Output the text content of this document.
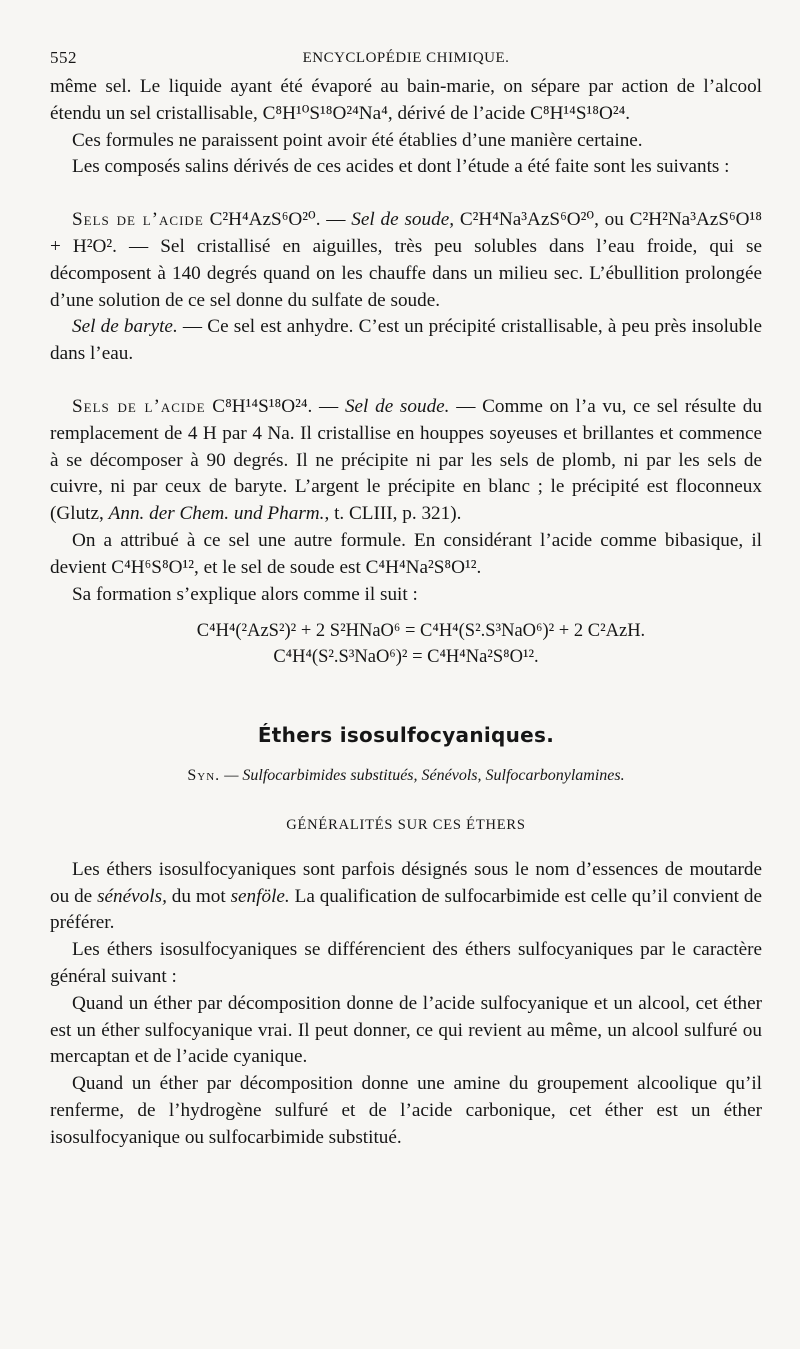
552	ENCYCLOPÉDIE CHIMIQUE.

même sel. Le liquide ayant été évaporé au bain-marie, on sépare par action de l’alcool étendu un sel cristallisable, C⁸H¹⁰S¹⁸O²⁴Na⁴, dérivé de l’acide C⁸H¹⁴S¹⁸O²⁴.

Ces formules ne paraissent point avoir été établies d’une manière certaine.

Les composés salins dérivés de ces acides et dont l’étude a été faite sont les suivants :

Sels de l’acide C²H⁴AzS⁶O²⁰. — Sel de soude, C²H⁴Na³AzS⁶O²⁰, ou C²H²Na³AzS⁶O¹⁸ + H²O². — Sel cristallisé en aiguilles, très peu solubles dans l’eau froide, qui se décomposent à 140 degrés quand on les chauffe dans un milieu sec. L’ébullition prolongée d’une solution de ce sel donne du sulfate de soude.

Sel de baryte. — Ce sel est anhydre. C’est un précipité cristallisable, à peu près insoluble dans l’eau.

Sels de l’acide C⁸H¹⁴S¹⁸O²⁴. — Sel de soude. — Comme on l’a vu, ce sel résulte du remplacement de 4 H par 4 Na. Il cristallise en houppes soyeuses et brillantes et commence à se décomposer à 90 degrés. Il ne précipite ni par les sels de plomb, ni par les sels de cuivre, ni par ceux de baryte. L’argent le précipite en blanc ; le précipité est floconneux (Glutz, Ann. der Chem. und Pharm., t. CLIII, p. 321).

On a attribué à ce sel une autre formule. En considérant l’acide comme bibasique, il devient C⁴H⁶S⁸O¹², et le sel de soude est C⁴H⁴Na²S⁸O¹².

Sa formation s’explique alors comme il suit :

C⁴H⁴(²AzS²)² + 2 S²HNaO⁶ = C⁴H⁴(S².S³NaO⁶)² + 2 C²AzH.
C⁴H⁴(S².S³NaO⁶)² = C⁴H⁴Na²S⁸O¹².
Éthers isosulfocyaniques.
Syn. — Sulfocarbimides substitués, Sénévols, Sulfocarbonylamines.
GÉNÉRALITÉS SUR CES ÉTHERS

Les éthers isosulfocyaniques sont parfois désignés sous le nom d’essences de moutarde ou de sénévols, du mot senföle. La qualification de sulfocarbimide est celle qu’il convient de préférer.

Les éthers isosulfocyaniques se différencient des éthers sulfocyaniques par le caractère général suivant :

Quand un éther par décomposition donne de l’acide sulfocyanique et un alcool, cet éther est un éther sulfocyanique vrai. Il peut donner, ce qui revient au même, un alcool sulfuré ou mercaptan et de l’acide cyanique.

Quand un éther par décomposition donne une amine du groupement alcoolique qu’il renferme, de l’hydrogène sulfuré et de l’acide carbonique, cet éther est un éther isosulfocyanique ou sulfocarbimide substitué.
